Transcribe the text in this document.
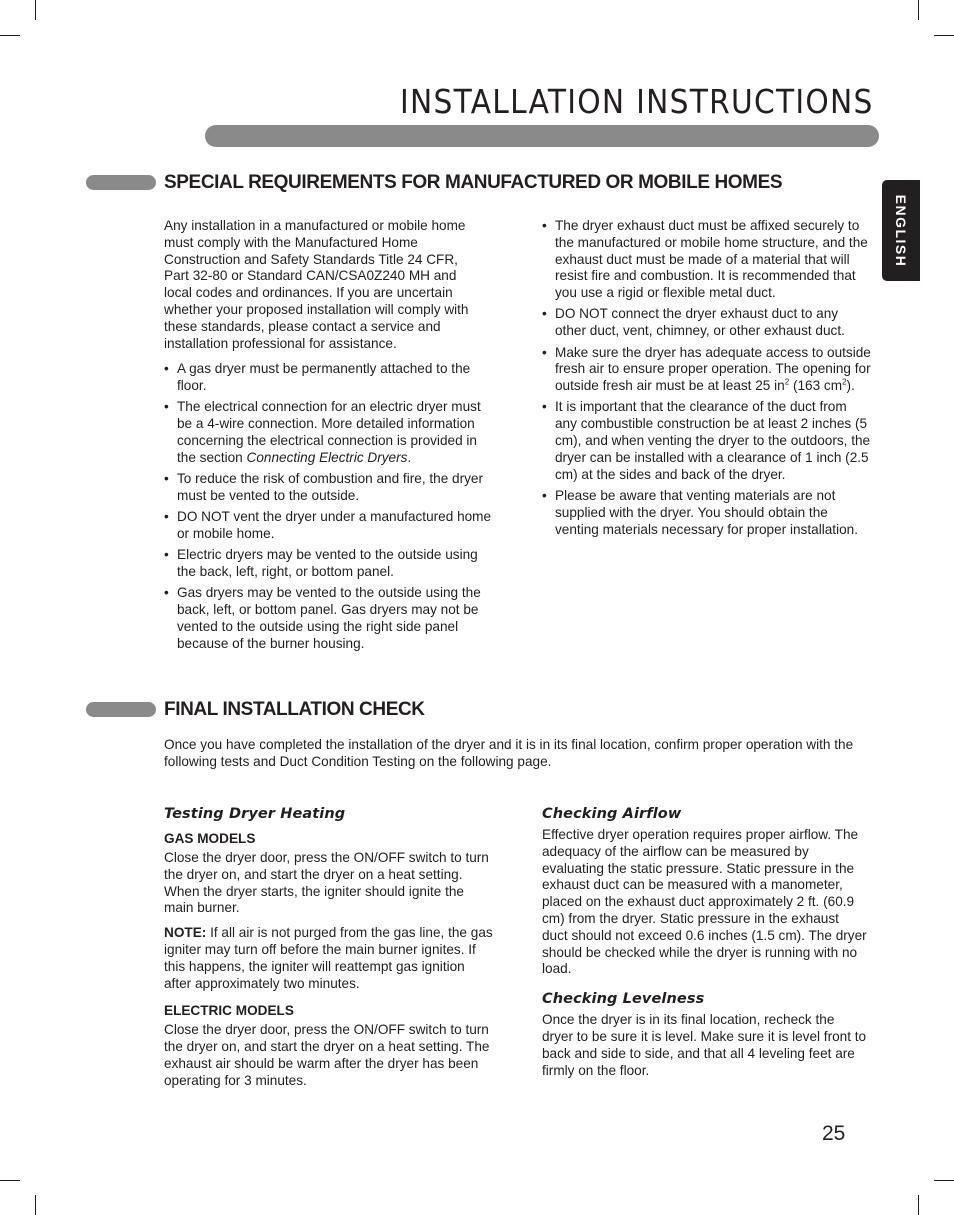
INSTALLATION INSTRUCTIONS
ENGLISH
SPECIAL REQUIREMENTS FOR MANUFACTURED OR MOBILE HOMES

Any installation in a manufactured or mobile home must comply with the Manufactured Home Construction and Safety Standards Title 24 CFR, Part 32-80 or Standard CAN/CSA0Z240 MH and local codes and ordinances. If you are uncertain whether your proposed installation will comply with these standards, please contact a service and installation professional for assistance.

• A gas dryer must be permanently attached to the floor.
• The electrical connection for an electric dryer must be a 4-wire connection. More detailed information concerning the electrical connection is provided in the section Connecting Electric Dryers.
• To reduce the risk of combustion and fire, the dryer must be vented to the outside.
• DO NOT vent the dryer under a manufactured home or mobile home.
• Electric dryers may be vented to the outside using the back, left, right, or bottom panel.
• Gas dryers may be vented to the outside using the back, left, or bottom panel. Gas dryers may not be vented to the outside using the right side panel because of the burner housing.
• The dryer exhaust duct must be affixed securely to the manufactured or mobile home structure, and the exhaust duct must be made of a material that will resist fire and combustion. It is recommended that you use a rigid or flexible metal duct.
• DO NOT connect the dryer exhaust duct to any other duct, vent, chimney, or other exhaust duct.
• Make sure the dryer has adequate access to outside fresh air to ensure proper operation. The opening for outside fresh air must be at least 25 $in^2$ (163 $cm^2$).
• It is important that the clearance of the duct from any combustible construction be at least 2 inches (5 cm), and when venting the dryer to the outdoors, the dryer can be installed with a clearance of 1 inch (2.5 cm) at the sides and back of the dryer.
• Please be aware that venting materials are not supplied with the dryer. You should obtain the venting materials necessary for proper installation.
FINAL INSTALLATION CHECK

Once you have completed the installation of the dryer and it is in its final location, confirm proper operation with the following tests and Duct Condition Testing on the following page.

Testing Dryer Heating
GAS MODELS

Close the dryer door, press the ON/OFF switch to turn the dryer on, and start the dryer on a heat setting. When the dryer starts, the igniter should ignite the main burner.

NOTE: If all air is not purged from the gas line, the gas igniter may turn off before the main burner ignites. If this happens, the igniter will reattempt gas ignition after approximately two minutes.

ELECTRIC MODELS

Close the dryer door, press the ON/OFF switch to turn the dryer on, and start the dryer on a heat setting. The exhaust air should be warm after the dryer has been operating for 3 minutes.

Checking Airflow

Effective dryer operation requires proper airflow. The adequacy of the airflow can be measured by evaluating the static pressure. Static pressure in the exhaust duct can be measured with a manometer, placed on the exhaust duct approximately 2 ft. (60.9 cm) from the dryer. Static pressure in the exhaust duct should not exceed 0.6 inches (1.5 cm). The dryer should be checked while the dryer is running with no load.

Checking Levelness

Once the dryer is in its final location, recheck the dryer to be sure it is level. Make sure it is level front to back and side to side, and that all 4 leveling feet are firmly on the floor.

25
